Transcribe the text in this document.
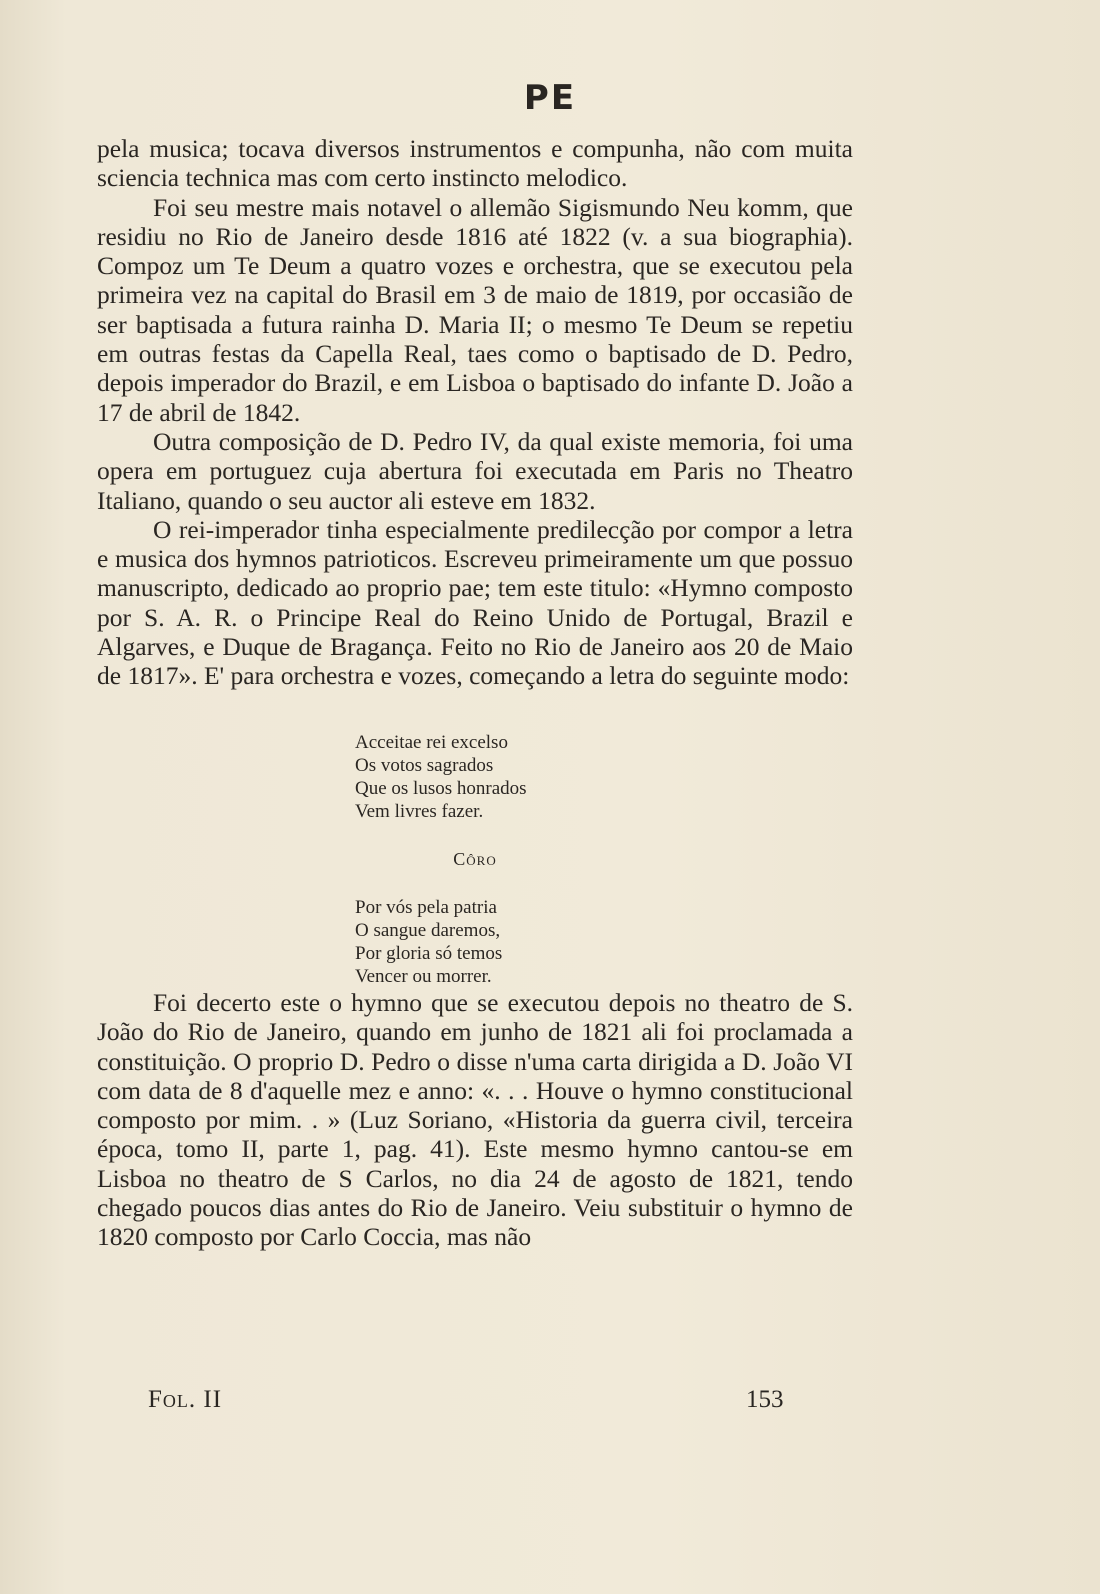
PE

pela musica; tocava diversos instrumentos e compunha, não com muita sciencia technica mas com certo instincto melodico.

Foi seu mestre mais notavel o allemão Sigismundo Neu komm, que residiu no Rio de Janeiro desde 1816 até 1822 (v. a sua biographia). Compoz um Te Deum a quatro vozes e orchestra, que se executou pela primeira vez na capital do Brasil em 3 de maio de 1819, por occasião de ser baptisada a futura rainha D. Maria II; o mesmo Te Deum se repetiu em outras festas da Capella Real, taes como o baptisado de D. Pedro, depois imperador do Brazil, e em Lisboa o baptisado do infante D. João a 17 de abril de 1842.

Outra composição de D. Pedro IV, da qual existe memoria, foi uma opera em portuguez cuja abertura foi executada em Paris no Theatro Italiano, quando o seu auctor ali esteve em 1832.

O rei-imperador tinha especialmente predilecção por compor a letra e musica dos hymnos patrioticos. Escreveu primeiramente um que possuo manuscripto, dedicado ao proprio pae; tem este titulo: «Hymno composto por S. A. R. o Principe Real do Reino Unido de Portugal, Brazil e Algarves, e Duque de Bragança. Feito no Rio de Janeiro aos 20 de Maio de 1817». E' para orchestra e vozes, começando a letra do seguinte modo:

Acceitae rei excelso
Os votos sagrados
Que os lusos honrados
Vem livres fazer.
Côro
Por vós pela patria
O sangue daremos,
Por gloria só temos
Vencer ou morrer.

Foi decerto este o hymno que se executou depois no theatro de S. João do Rio de Janeiro, quando em junho de 1821 ali foi proclamada a constituição. O proprio D. Pedro o disse n'uma carta dirigida a D. João VI com data de 8 d'aquelle mez e anno: «. . . Houve o hymno constitucional composto por mim. . » (Luz Soriano, «Historia da guerra civil, terceira época, tomo II, parte 1, pag. 41). Este mesmo hymno cantou-se em Lisboa no theatro de S Carlos, no dia 24 de agosto de 1821, tendo chegado poucos dias antes do Rio de Janeiro. Veiu substituir o hymno de 1820 composto por Carlo Coccia, mas não

Fol. II	153
